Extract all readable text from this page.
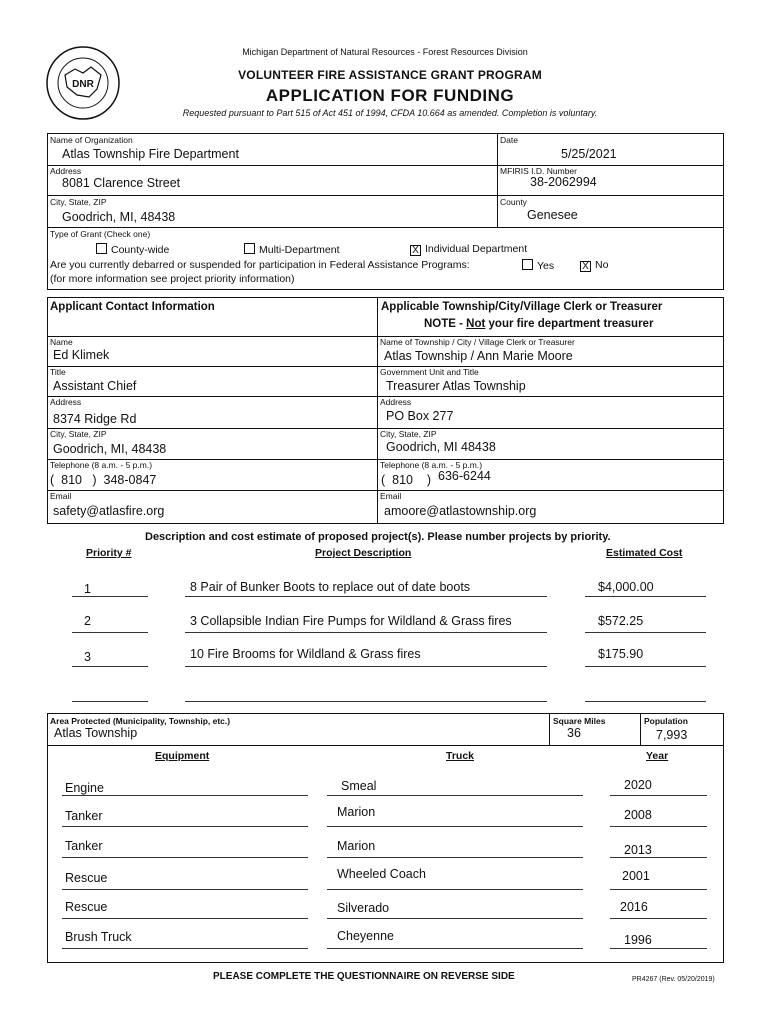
DNR
Michigan Department of Natural Resources - Forest Resources Division
VOLUNTEER FIRE ASSISTANCE GRANT PROGRAM
APPLICATION FOR FUNDING
Requested pursuant to Part 515 of Act 451 of 1994, CFDA 10.664 as amended. Completion is voluntary.
Name of Organization
Atlas Township Fire Department
Date
5/25/2021
Address
8081 Clarence Street
MFIRIS I.D. Number
38-2062994
City, State, ZIP
Goodrich, MI, 48438
County
Genesee
Type of Grant (Check one)
County-wide	Multi-Department	X Individual Department
Are you currently debarred or suspended for participation in Federal Assistance Programs:	Yes	X No
(for more information see project priority information)
Applicant Contact Information	Applicable Township/City/Village Clerk or Treasurer
NOTE - Not your fire department treasurer
Name
Ed Klimek
Name of Township / City / Village Clerk or Treasurer
Atlas Township / Ann Marie Moore
Title
Assistant Chief
Government Unit and Title
Treasurer Atlas Township
Address
8374 Ridge Rd
Address
PO Box 277
City, State, ZIP
Goodrich, MI, 48438
City, State, ZIP
Goodrich, MI 48438
Telephone (8 a.m. - 5 p.m.)
( 810 ) 348-0847
Telephone (8 a.m. - 5 p.m.)
( 810 ) 636-6244
Email
safety@atlasfire.org
Email
amoore@atlastownship.org
Description and cost estimate of proposed project(s). Please number projects by priority.
Priority #	Project Description	Estimated Cost
1	8 Pair of Bunker Boots to replace out of date boots	$4,000.00
2	3 Collapsible Indian Fire Pumps for Wildland & Grass fires	$572.25
3	10 Fire Brooms for Wildland & Grass fires	$175.90
Area Protected (Municipality, Township, etc.)
Atlas Township
Square Miles
36
Population
7,993
Equipment	Truck	Year
Engine	Smeal	2020
Tanker	Marion	2008
Tanker	Marion	2013
Rescue	Wheeled Coach	2001
Rescue	Silverado	2016
Brush Truck	Cheyenne	1996
PLEASE COMPLETE THE QUESTIONNAIRE ON REVERSE SIDE	PR4267 (Rev. 05/20/2019)
